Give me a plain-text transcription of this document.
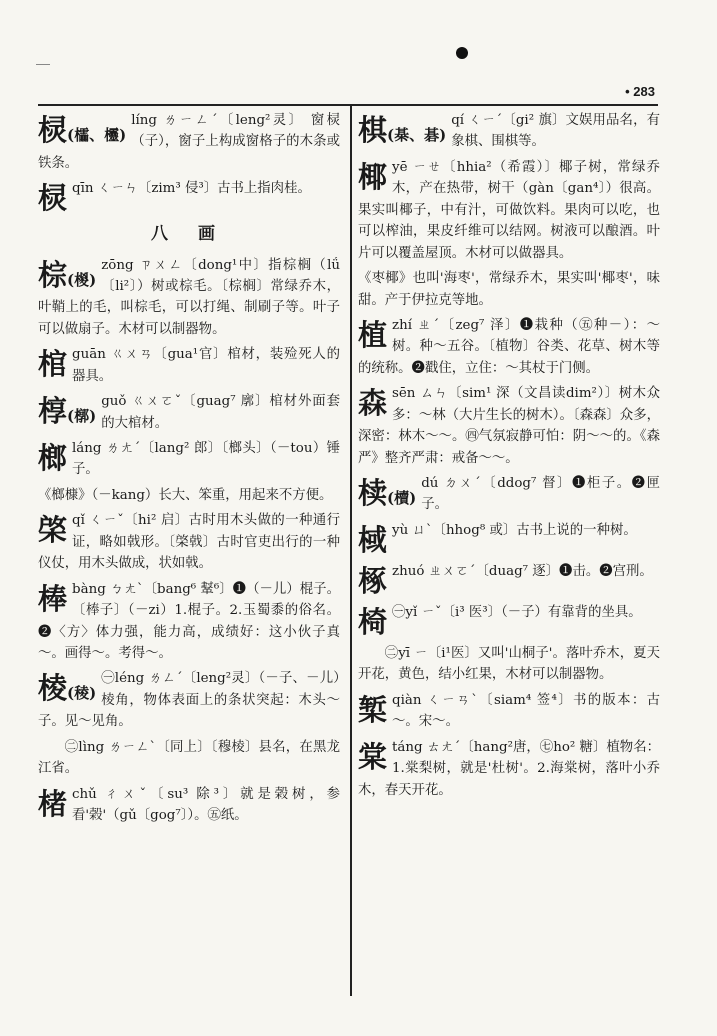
• 283
棂(櫺、欞)
líng ㄌㄧㄥˊ〔leng²灵〕 窗棂（子），窗子上构成窗格子的木条或铁条。
棂qīn ㄑㄧㄣ〔zim³ 侵³〕古书上指肉桂。
八 画
棕(椶)
zōng ㄗㄨㄥ〔dong¹中〕指棕榈（lǘ〔li²〕）树或棕毛。〔棕榈〕常绿乔木，叶鞘上的毛，叫棕毛，可以打绳、制刷子等。叶子可以做扇子。木材可以制器物。
棺guān ㄍㄨㄢ〔gua¹官〕棺材，装殓死人的器具。
椁(槨)
guǒ ㄍㄨㄛˇ〔guag⁷ 廓〕棺材外面套的大棺材。
榔láng ㄌㄤˊ〔lang² 郎〕〔榔头〕（－tou）锤子。
《榔槺》（－kang）长大、笨重，用起来不方便。
棨qǐ ㄑㄧˇ〔hi² 启〕古时用木头做的一种通行证，略如戟形。〔棨戟〕古时官吏出行的一种仪仗，用木头做成，状如戟。
棒bàng ㄅㄤˋ〔bang⁶ 鞤⁶〕❶（－儿）棍子。〔棒子〕（－zi）1.棍子。2.玉蜀黍的俗名。❷〈方〉体力强，能力高，成绩好：这小伙子真～。画得～。考得～。
棱(稜)
㊀léng ㄌㄥˊ〔leng²灵〕（－子、－儿）棱角，物体表面上的条状突起：木头～子。见～见角。
㊁lìng ㄌㄧㄥˋ〔同上〕〔穆棱〕县名，在黑龙江省。
楮chǔ ㄔㄨˇ〔su³ 除³〕就是榖树，参看'榖'（gǔ〔gog⁷〕）。㊄纸。
棋(棊、碁)
qí ㄑㄧˊ〔gi² 旗〕文娱用品名，有象棋、围棋等。
椰yē ㄧㄝ〔hhia²（希霞）〕椰子树，常绿乔木，产在热带，树干（gàn〔gan⁴〕）很高。果实叫椰子，中有汁，可做饮料。果肉可以吃，也可以榨油，果皮纤维可以结网。树液可以酿酒。叶片可以覆盖屋顶。木材可以做器具。
《枣椰》也叫'海枣'，常绿乔木，果实叫'椰枣'，味甜。产于伊拉克等地。
植zhí ㄓˊ〔zeg⁷ 泽〕❶栽种（㊄种－）：～树。种～五谷。〔植物〕谷类、花草、树木等的统称。❷戳住，立住：～其杖于门侧。
森sēn ㄙㄣ〔sim¹ 深（文昌读dim²）〕树木众多：～林（大片生长的树木）。〔森森〕众多，深密：林木～～。㊃气氛寂静可怕：阴～～的。《森严》整齐严肃：戒备～～。
椟(櫝)
dú ㄉㄨˊ〔ddog⁷ 督〕❶柜子。❷匣子。
棫yù ㄩˋ〔hhog⁸ 或〕古书上说的一种树。
椓zhuó ㄓㄨㄛˊ〔duag⁷ 逐〕❶击。❷宫刑。
椅 ㊀yǐ ㄧˇ〔i³ 医³〕（－子）有靠背的坐具。
㊁yī ㄧ〔i¹医〕又叫'山桐子'。落叶乔木，夏天开花，黄色，结小红果，木材可以制器物。
椠qiàn ㄑㄧㄢˋ〔siam⁴ 签⁴〕书的版本：古～。宋～。
棠táng ㄊㄤˊ〔hang²唐，㊆ho² 糖〕植物名：1.棠梨树，就是'杜树'。2.海棠树，落叶小乔木，春天开花。
